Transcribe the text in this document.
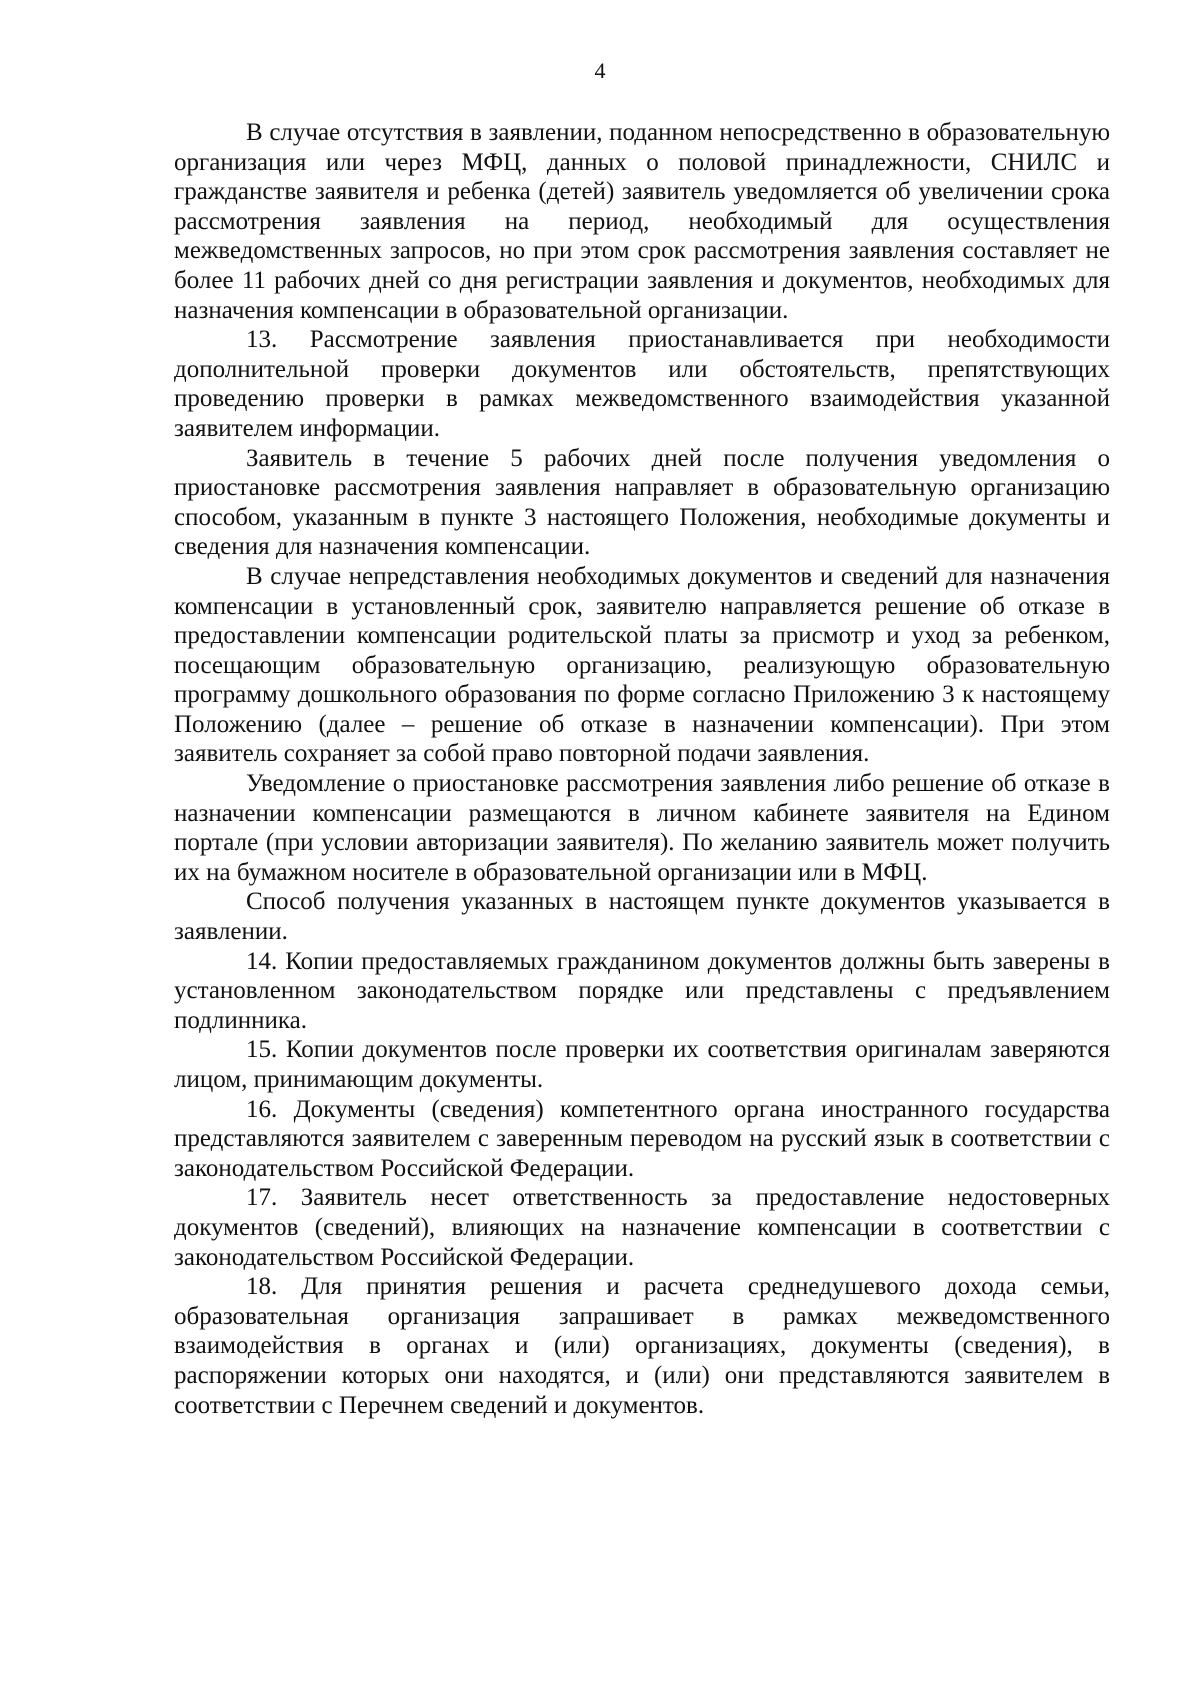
4

В случае отсутствия в заявлении, поданном непосредственно в образовательную организация или через МФЦ, данных о половой принадлежности, СНИЛС и гражданстве заявителя и ребенка (детей) заявитель уведомляется об увеличении срока рассмотрения заявления на период, необходимый для осуществления межведомственных запросов, но при этом срок рассмотрения заявления составляет не более 11 рабочих дней со дня регистрации заявления и документов, необходимых для назначения компенсации в образовательной организации.

13. Рассмотрение заявления приостанавливается при необходимости дополнительной проверки документов или обстоятельств, препятствующих проведению проверки в рамках межведомственного взаимодействия указанной заявителем информации.

Заявитель в течение 5 рабочих дней после получения уведомления о приостановке рассмотрения заявления направляет в образовательную организацию способом, указанным в пункте 3 настоящего Положения, необходимые документы и сведения для назначения компенсации.

В случае непредставления необходимых документов и сведений для назначения компенсации в установленный срок, заявителю направляется решение об отказе в предоставлении компенсации родительской платы за присмотр и уход за ребенком, посещающим образовательную организацию, реализующую образовательную программу дошкольного образования по форме согласно Приложению 3 к настоящему Положению (далее – решение об отказе в назначении компенсации). При этом заявитель сохраняет за собой право повторной подачи заявления.

Уведомление о приостановке рассмотрения заявления либо решение об отказе в назначении компенсации размещаются в личном кабинете заявителя на Едином портале (при условии авторизации заявителя). По желанию заявитель может получить их на бумажном носителе в образовательной организации или в МФЦ.

Способ получения указанных в настоящем пункте документов указывается в заявлении.

14. Копии предоставляемых гражданином документов должны быть заверены в установленном законодательством порядке или представлены с предъявлением подлинника.

15. Копии документов после проверки их соответствия оригиналам заверяются лицом, принимающим документы.

16. Документы (сведения) компетентного органа иностранного государства представляются заявителем с заверенным переводом на русский язык в соответствии с законодательством Российской Федерации.

17. Заявитель несет ответственность за предоставление недостоверных документов (сведений), влияющих на назначение компенсации в соответствии с законодательством Российской Федерации.

18. Для принятия решения и расчета среднедушевого дохода семьи, образовательная организация запрашивает в рамках межведомственного взаимодействия в органах и (или) организациях, документы (сведения), в распоряжении которых они находятся, и (или) они представляются заявителем в соответствии с Перечнем сведений и документов.
